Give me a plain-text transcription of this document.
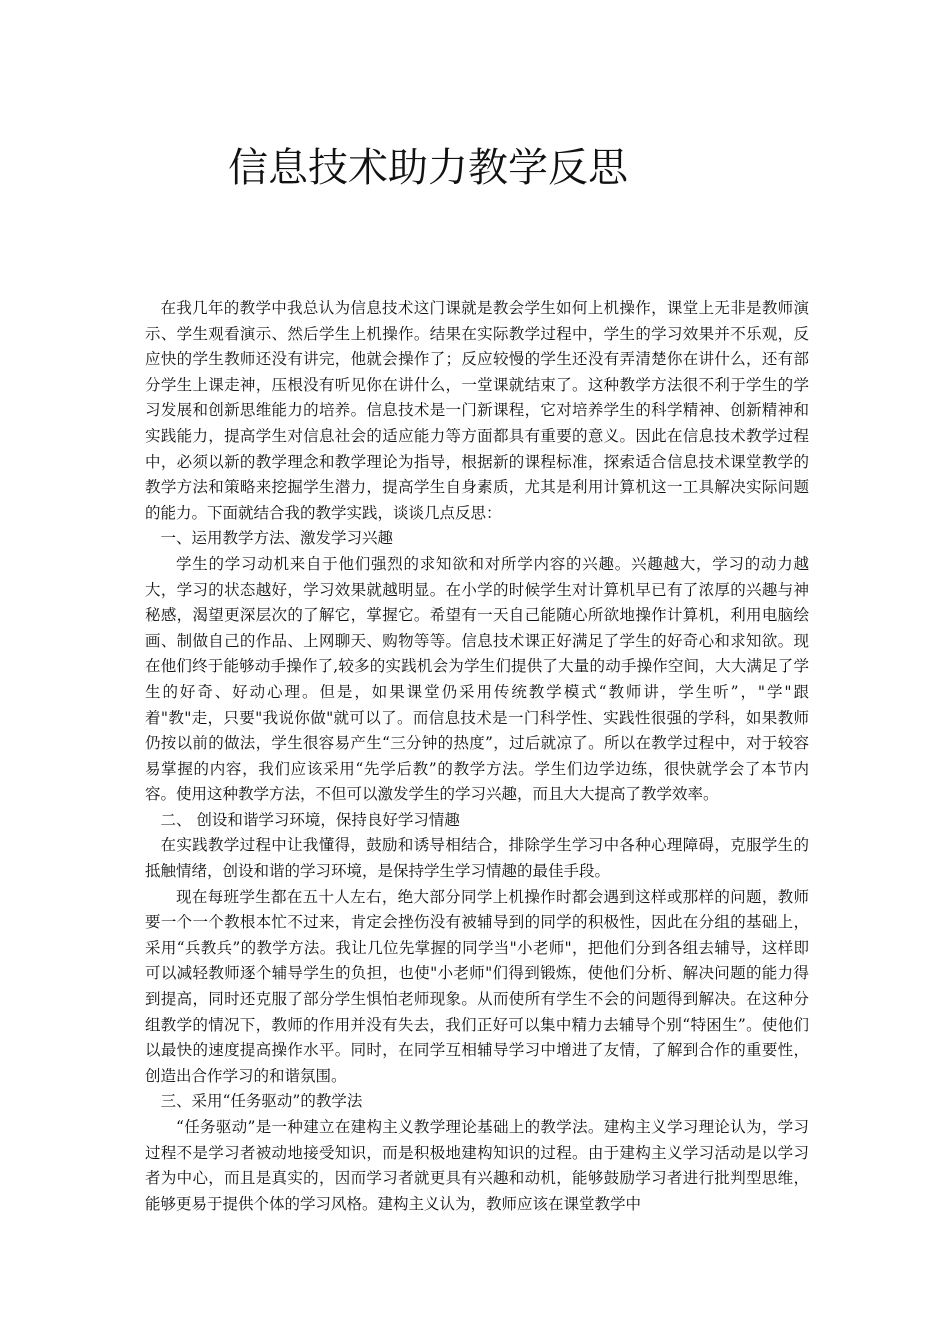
信息技术助力教学反思

在我几年的教学中我总认为信息技术这门课就是教会学生如何上机操作，课堂上无非是教师演示、学生观看演示、然后学生上机操作。结果在实际教学过程中，学生的学习效果并不乐观，反应快的学生教师还没有讲完，他就会操作了；反应较慢的学生还没有弄清楚你在讲什么，还有部分学生上课走神，压根没有听见你在讲什么，一堂课就结束了。这种教学方法很不利于学生的学习发展和创新思维能力的培养。信息技术是一门新课程，它对培养学生的科学精神、创新精神和实践能力，提高学生对信息社会的适应能力等方面都具有重要的意义。因此在信息技术教学过程中，必须以新的教学理念和教学理论为指导，根据新的课程标准，探索适合信息技术课堂教学的教学方法和策略来挖掘学生潜力，提高学生自身素质，尤其是利用计算机这一工具解决实际问题的能力。下面就结合我的教学实践，谈谈几点反思：

一、运用教学方法、激发学习兴趣

学生的学习动机来自于他们强烈的求知欲和对所学内容的兴趣。兴趣越大，学习的动力越大，学习的状态越好，学习效果就越明显。在小学的时候学生对计算机早已有了浓厚的兴趣与神秘感，渴望更深层次的了解它，掌握它。希望有一天自己能随心所欲地操作计算机，利用电脑绘画、制做自己的作品、上网聊天、购物等等。信息技术课正好满足了学生的好奇心和求知欲。现在他们终于能够动手操作了,较多的实践机会为学生们提供了大量的动手操作空间，大大满足了学生的好奇、好动心理。但是，如果课堂仍采用传统教学模式“教师讲，学生听”，"学"跟着"教"走，只要"我说你做"就可以了。而信息技术是一门科学性、实践性很强的学科，如果教师仍按以前的做法，学生很容易产生“三分钟的热度”，过后就凉了。所以在教学过程中，对于较容易掌握的内容，我们应该采用“先学后教”的教学方法。学生们边学边练，很快就学会了本节内容。使用这种教学方法，不但可以激发学生的学习兴趣，而且大大提高了教学效率。

二、 创设和谐学习环境，保持良好学习情趣

在实践教学过程中让我懂得，鼓励和诱导相结合，排除学生学习中各种心理障碍，克服学生的抵触情绪，创设和谐的学习环境，是保持学生学习情趣的最佳手段。

现在每班学生都在五十人左右，绝大部分同学上机操作时都会遇到这样或那样的问题，教师要一个一个教根本忙不过来，肯定会挫伤没有被辅导到的同学的积极性，因此在分组的基础上，采用“兵教兵”的教学方法。我让几位先掌握的同学当"小老师"，把他们分到各组去辅导，这样即可以减轻教师逐个辅导学生的负担，也使"小老师"们得到锻炼，使他们分析、解决问题的能力得到提高，同时还克服了部分学生惧怕老师现象。从而使所有学生不会的问题得到解决。在这种分组教学的情况下，教师的作用并没有失去，我们正好可以集中精力去辅导个别“特困生”。使他们以最快的速度提高操作水平。同时，在同学互相辅导学习中增进了友情，了解到合作的重要性，创造出合作学习的和谐氛围。

三、采用“任务驱动”的教学法

“任务驱动”是一种建立在建构主义教学理论基础上的教学法。建构主义学习理论认为，学习过程不是学习者被动地接受知识，而是积极地建构知识的过程。由于建构主义学习活动是以学习者为中心，而且是真实的，因而学习者就更具有兴趣和动机，能够鼓励学习者进行批判型思维，能够更易于提供个体的学习风格。建构主义认为，教师应该在课堂教学中
